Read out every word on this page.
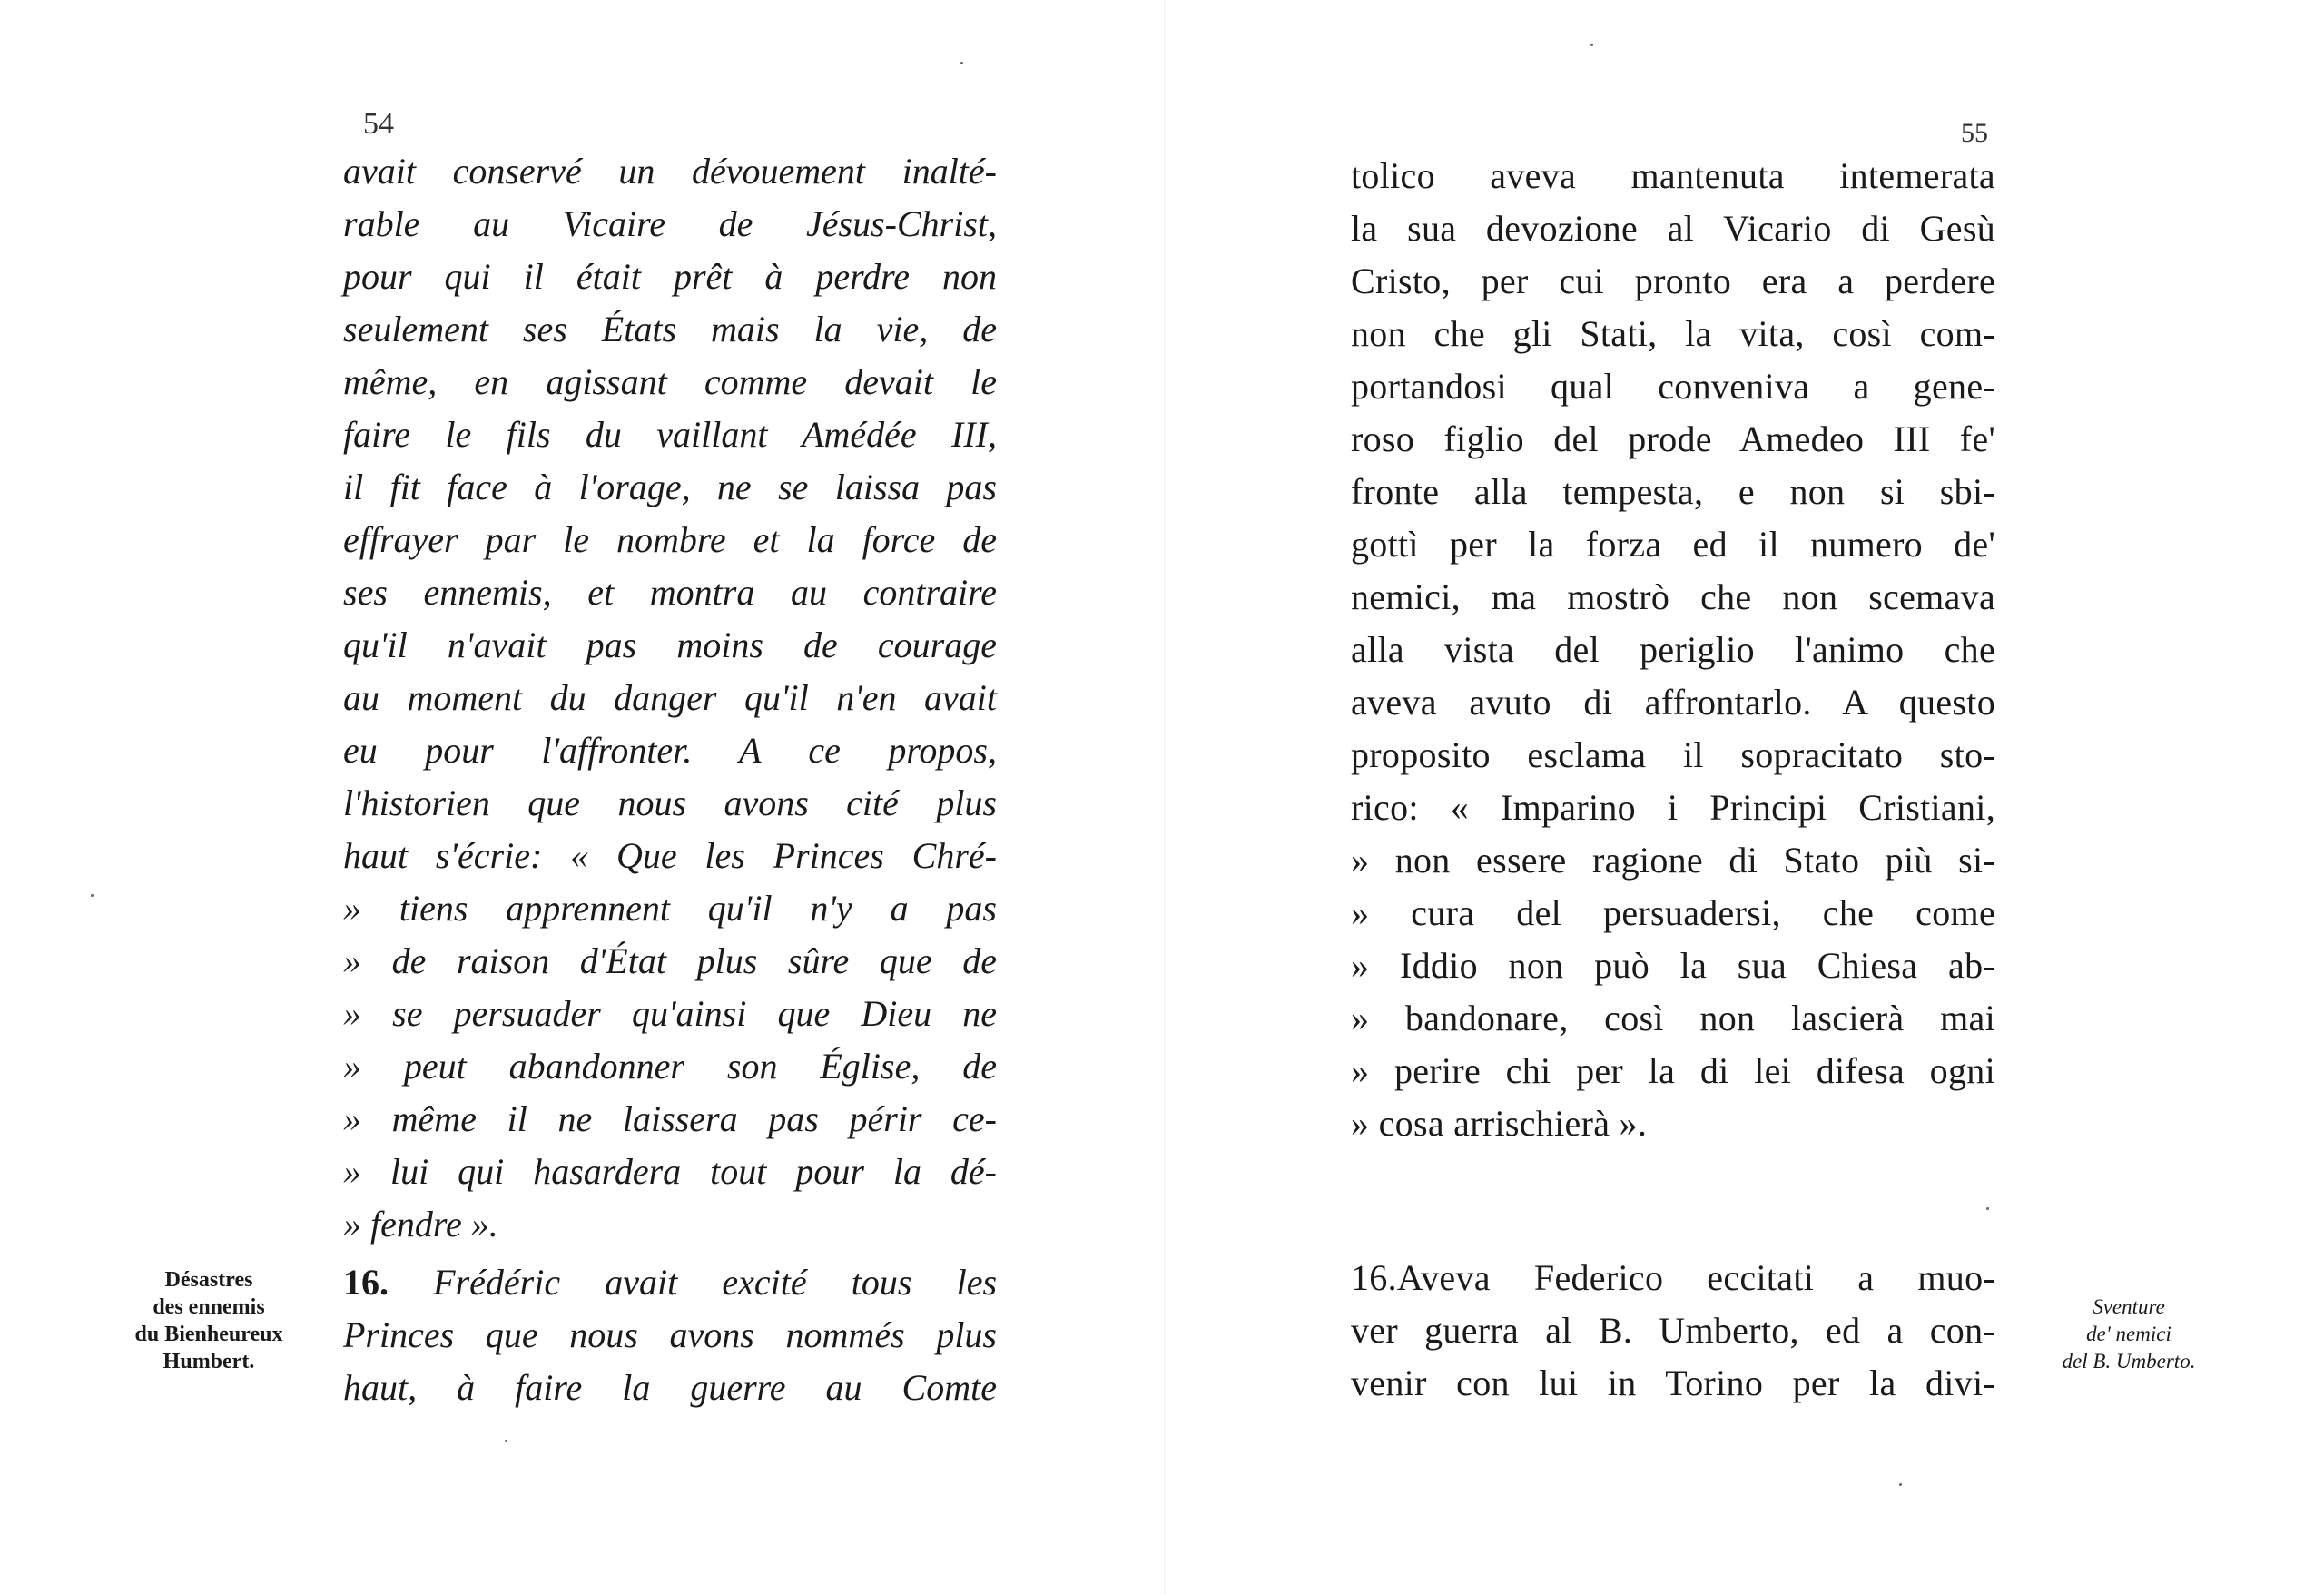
54
avait conservé un dévouement inalté-
rable au Vicaire de Jésus-Christ,
pour qui il était prêt à perdre non
seulement ses États mais la vie, de
même, en agissant comme devait le
faire le fils du vaillant Amédée III,
il fit face à l'orage, ne se laissa pas
effrayer par le nombre et la force de
ses ennemis, et montra au contraire
qu'il n'avait pas moins de courage
au moment du danger qu'il n'en avait
eu pour l'affronter. A ce propos,
l'historien que nous avons cité plus
haut s'écrie: « Que les Princes Chré-
» tiens apprennent qu'il n'y a pas
» de raison d'État plus sûre que de
» se persuader qu'ainsi que Dieu ne
» peut abandonner son Église, de
» même il ne laissera pas périr ce-
» lui qui hasardera tout pour la dé-
» fendre ».
16. Frédéric avait excité tous les
Princes que nous avons nommés plus
haut, à faire la guerre au Comte
Désastres
des ennemis
du Bienheureux
Humbert.
55
tolico aveva mantenuta intemerata
la sua devozione al Vicario di Gesù
Cristo, per cui pronto era a perdere
non che gli Stati, la vita, così com-
portandosi qual conveniva a gene-
roso figlio del prode Amedeo III fe'
fronte alla tempesta, e non si sbi-
gottì per la forza ed il numero de'
nemici, ma mostrò che non scemava
alla vista del periglio l'animo che
aveva avuto di affrontarlo. A questo
proposito esclama il sopracitato sto-
rico: « Imparino i Principi Cristiani,
» non essere ragione di Stato più si-
» cura del persuadersi, che come
» Iddio non può la sua Chiesa ab-
» bandonare, così non lascierà mai
» perire chi per la di lei difesa ogni
» cosa arrischierà ».
16.Aveva Federico eccitati a muo-
ver guerra al B. Umberto, ed a con-
venir con lui in Torino per la divi-
Sventure
de' nemici
del B. Umberto.
